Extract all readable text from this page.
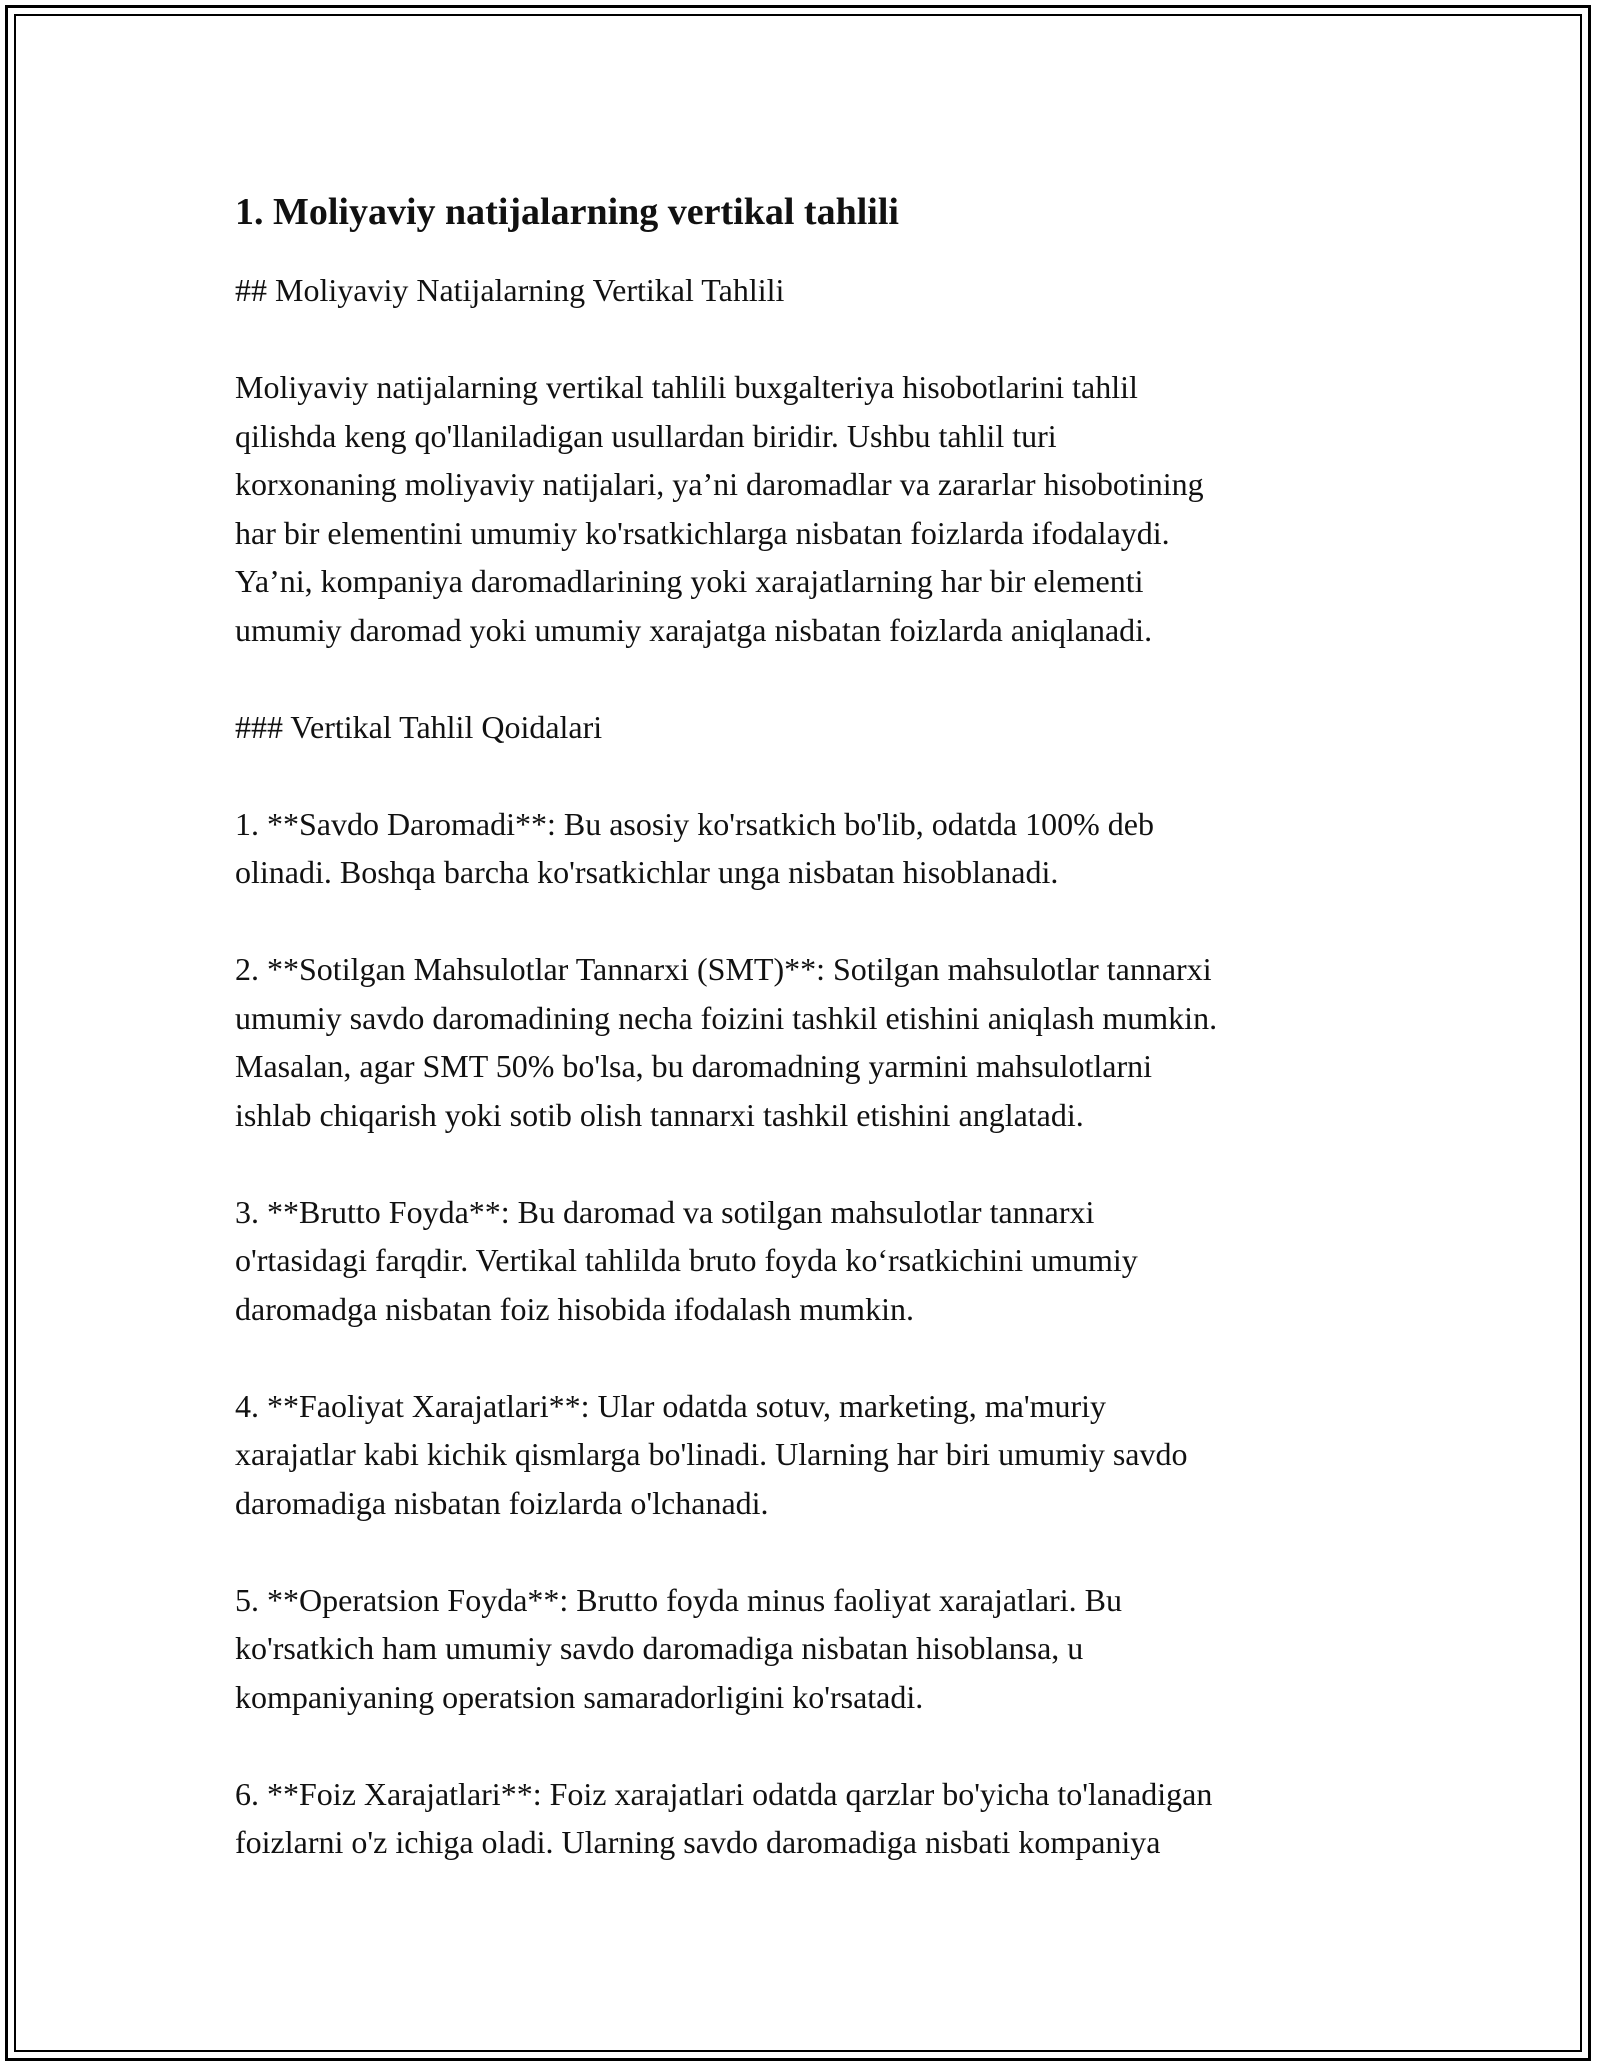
1. Moliyaviy natijalarning vertikal tahlili

## Moliyaviy Natijalarning Vertikal Tahlili

Moliyaviy natijalarning vertikal tahlili buxgalteriya hisobotlarini tahlil
qilishda keng qo'llaniladigan usullardan biridir. Ushbu tahlil turi
korxonaning moliyaviy natijalari, ya’ni daromadlar va zararlar hisobotining
har bir elementini umumiy ko'rsatkichlarga nisbatan foizlarda ifodalaydi.
Ya’ni, kompaniya daromadlarining yoki xarajatlarning har bir elementi
umumiy daromad yoki umumiy xarajatga nisbatan foizlarda aniqlanadi.

### Vertikal Tahlil Qoidalari

1. **Savdo Daromadi**: Bu asosiy ko'rsatkich bo'lib, odatda 100% deb
olinadi. Boshqa barcha ko'rsatkichlar unga nisbatan hisoblanadi.

2. **Sotilgan Mahsulotlar Tannarxi (SMT)**: Sotilgan mahsulotlar tannarxi
umumiy savdo daromadining necha foizini tashkil etishini aniqlash mumkin.
Masalan, agar SMT 50% bo'lsa, bu daromadning yarmini mahsulotlarni
ishlab chiqarish yoki sotib olish tannarxi tashkil etishini anglatadi.

3. **Brutto Foyda**: Bu daromad va sotilgan mahsulotlar tannarxi
o'rtasidagi farqdir. Vertikal tahlilda bruto foyda ko‘rsatkichini umumiy
daromadga nisbatan foiz hisobida ifodalash mumkin.

4. **Faoliyat Xarajatlari**: Ular odatda sotuv, marketing, ma'muriy
xarajatlar kabi kichik qismlarga bo'linadi. Ularning har biri umumiy savdo
daromadiga nisbatan foizlarda o'lchanadi.

5. **Operatsion Foyda**: Brutto foyda minus faoliyat xarajatlari. Bu
ko'rsatkich ham umumiy savdo daromadiga nisbatan hisoblansa, u
kompaniyaning operatsion samaradorligini ko'rsatadi.

6. **Foiz Xarajatlari**: Foiz xarajatlari odatda qarzlar bo'yicha to'lanadigan
foizlarni o'z ichiga oladi. Ularning savdo daromadiga nisbati kompaniya
